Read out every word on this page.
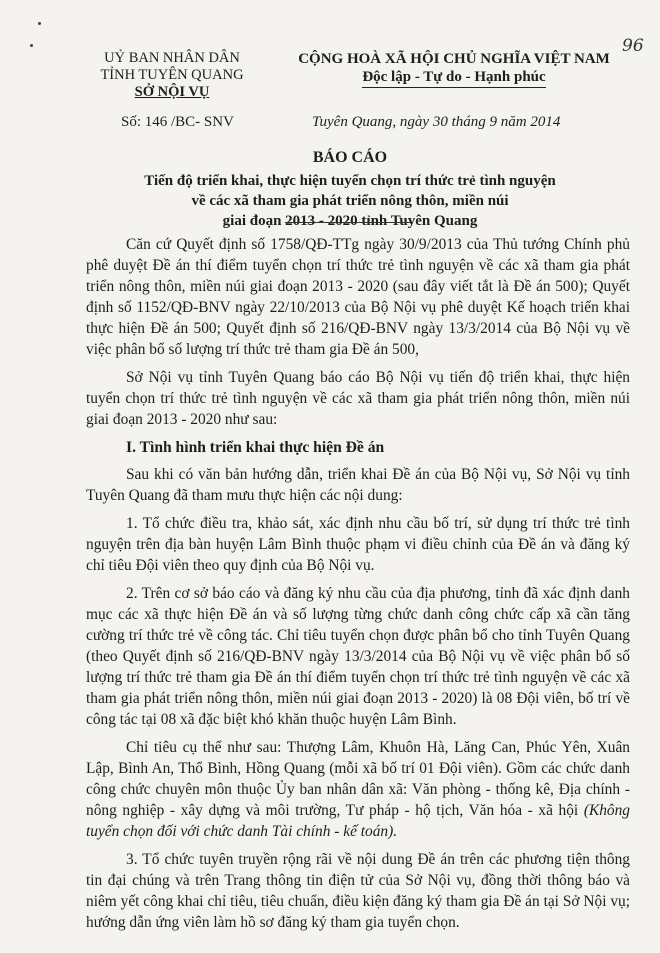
96
UỶ BAN NHÂN DÂN
TỈNH TUYÊN QUANG
SỞ NỘI VỤ
CỘNG HOÀ XÃ HỘI CHỦ NGHĨA VIỆT NAM
Độc lập - Tự do - Hạnh phúc
Số: 146 /BC- SNV	Tuyên Quang, ngày 30 tháng 9 năm 2014
BÁO CÁO
Tiến độ triển khai, thực hiện tuyển chọn trí thức trẻ tình nguyện
về các xã tham gia phát triển nông thôn, miền núi
giai đoạn 2013 - 2020 tỉnh Tuyên Quang

Căn cứ Quyết định số 1758/QĐ-TTg ngày 30/9/2013 của Thủ tướng Chính phủ phê duyệt Đề án thí điểm tuyển chọn trí thức trẻ tình nguyện về các xã tham gia phát triển nông thôn, miền núi giai đoạn 2013 - 2020 (sau đây viết tắt là Đề án 500); Quyết định số 1152/QĐ-BNV ngày 22/10/2013 của Bộ Nội vụ phê duyệt Kế hoạch triển khai thực hiện Đề án 500; Quyết định số 216/QĐ-BNV ngày 13/3/2014 của Bộ Nội vụ về việc phân bổ số lượng trí thức trẻ tham gia Đề án 500,

Sở Nội vụ tỉnh Tuyên Quang báo cáo Bộ Nội vụ tiến độ triển khai, thực hiện tuyển chọn trí thức trẻ tình nguyện về các xã tham gia phát triển nông thôn, miền núi giai đoạn 2013 - 2020 như sau:

I. Tình hình triển khai thực hiện Đề án

Sau khi có văn bản hướng dẫn, triển khai Đề án của Bộ Nội vụ, Sở Nội vụ tỉnh Tuyên Quang đã tham mưu thực hiện các nội dung:

1. Tổ chức điều tra, khảo sát, xác định nhu cầu bố trí, sử dụng trí thức trẻ tình nguyện trên địa bàn huyện Lâm Bình thuộc phạm vi điều chỉnh của Đề án và đăng ký chỉ tiêu Đội viên theo quy định của Bộ Nội vụ.

2. Trên cơ sở báo cáo và đăng ký nhu cầu của địa phương, tỉnh đã xác định danh mục các xã thực hiện Đề án và số lượng từng chức danh công chức cấp xã cần tăng cường trí thức trẻ về công tác. Chỉ tiêu tuyển chọn được phân bổ cho tỉnh Tuyên Quang (theo Quyết định số 216/QĐ-BNV ngày 13/3/2014 của Bộ Nội vụ về việc phân bổ số lượng trí thức trẻ tham gia Đề án thí điểm tuyển chọn trí thức trẻ tình nguyện về các xã tham gia phát triển nông thôn, miền núi giai đoạn 2013 - 2020) là 08 Đội viên, bố trí về công tác tại 08 xã đặc biệt khó khăn thuộc huyện Lâm Bình.

Chỉ tiêu cụ thể như sau: Thượng Lâm, Khuôn Hà, Lăng Can, Phúc Yên, Xuân Lập, Bình An, Thổ Bình, Hồng Quang (mỗi xã bố trí 01 Đội viên). Gồm các chức danh công chức chuyên môn thuộc Ủy ban nhân dân xã: Văn phòng - thống kê, Địa chính - nông nghiệp - xây dựng và môi trường, Tư pháp - hộ tịch, Văn hóa - xã hội (Không tuyển chọn đối với chức danh Tài chính - kế toán).

3. Tổ chức tuyên truyền rộng rãi về nội dung Đề án trên các phương tiện thông tin đại chúng và trên Trang thông tin điện tử của Sở Nội vụ, đồng thời thông báo và niêm yết công khai chỉ tiêu, tiêu chuẩn, điều kiện đăng ký tham gia Đề án tại Sở Nội vụ; hướng dẫn ứng viên làm hồ sơ đăng ký tham gia tuyển chọn.
